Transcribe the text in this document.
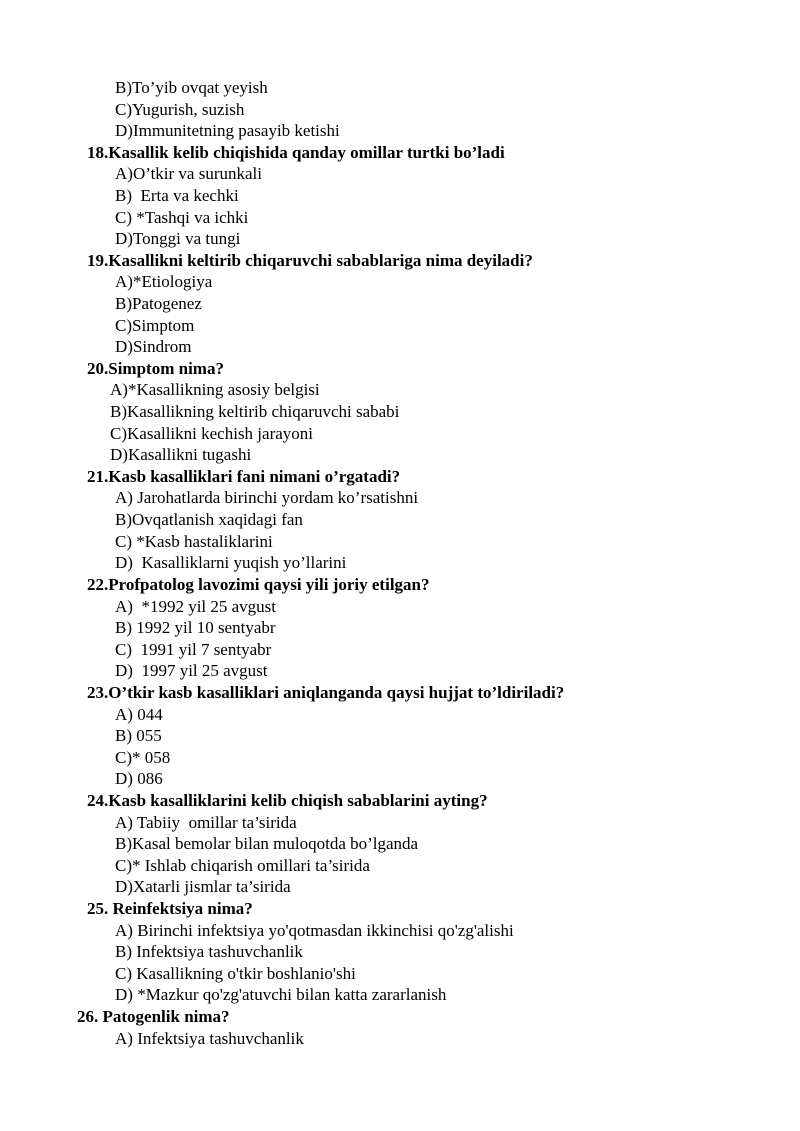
B)To’yib ovqat yeyish
C)Yugurish, suzish
D)Immunitetning pasayib ketishi
18.Kasallik kelib chiqishida qanday omillar turtki bo’ladi
A)O’tkir va surunkali
B)  Erta va kechki
C) *Tashqi va ichki
D)Tonggi va tungi
19.Kasallikni keltirib chiqaruvchi sabablariga nima deyiladi?
A)*Etiologiya
B)Patogenez
C)Simptom
D)Sindrom
20.Simptom nima?
A)*Kasallikning asosiy belgisi
B)Kasallikning keltirib chiqaruvchi sababi
C)Kasallikni kechish jarayoni
D)Kasallikni tugashi
21.Kasb kasalliklari fani nimani o’rgatadi?
A) Jarohatlarda birinchi yordam ko’rsatishni
B)Ovqatlanish xaqidagi fan
C) *Kasb hastaliklarini
D)  Kasalliklarni yuqish yo’llarini
22.Profpatolog lavozimi qaysi yili joriy etilgan?
A)  *1992 yil 25 avgust
B) 1992 yil 10 sentyabr
C)  1991 yil 7 sentyabr
D)  1997 yil 25 avgust
23.O’tkir kasb kasalliklari aniqlanganda qaysi hujjat to’ldiriladi?
A) 044
B) 055
C)* 058
D) 086
24.Kasb kasalliklarini kelib chiqish sabablarini ayting?
A) Tabiiy  omillar ta’sirida
B)Kasal bemolar bilan muloqotda bo’lganda
C)* Ishlab chiqarish omillari ta’sirida
D)Xatarli jismlar ta’sirida
25. Reinfektsiya nima?
A) Birinchi infektsiya yo'qotmasdan ikkinchisi qo'zg'alishi
B) Infektsiya tashuvchanlik
C) Kasallikning o'tkir boshlanio'shi
D) *Mazkur qo'zg'atuvchi bilan katta zararlanish
26. Patogenlik nima?
A) Infektsiya tashuvchanlik
